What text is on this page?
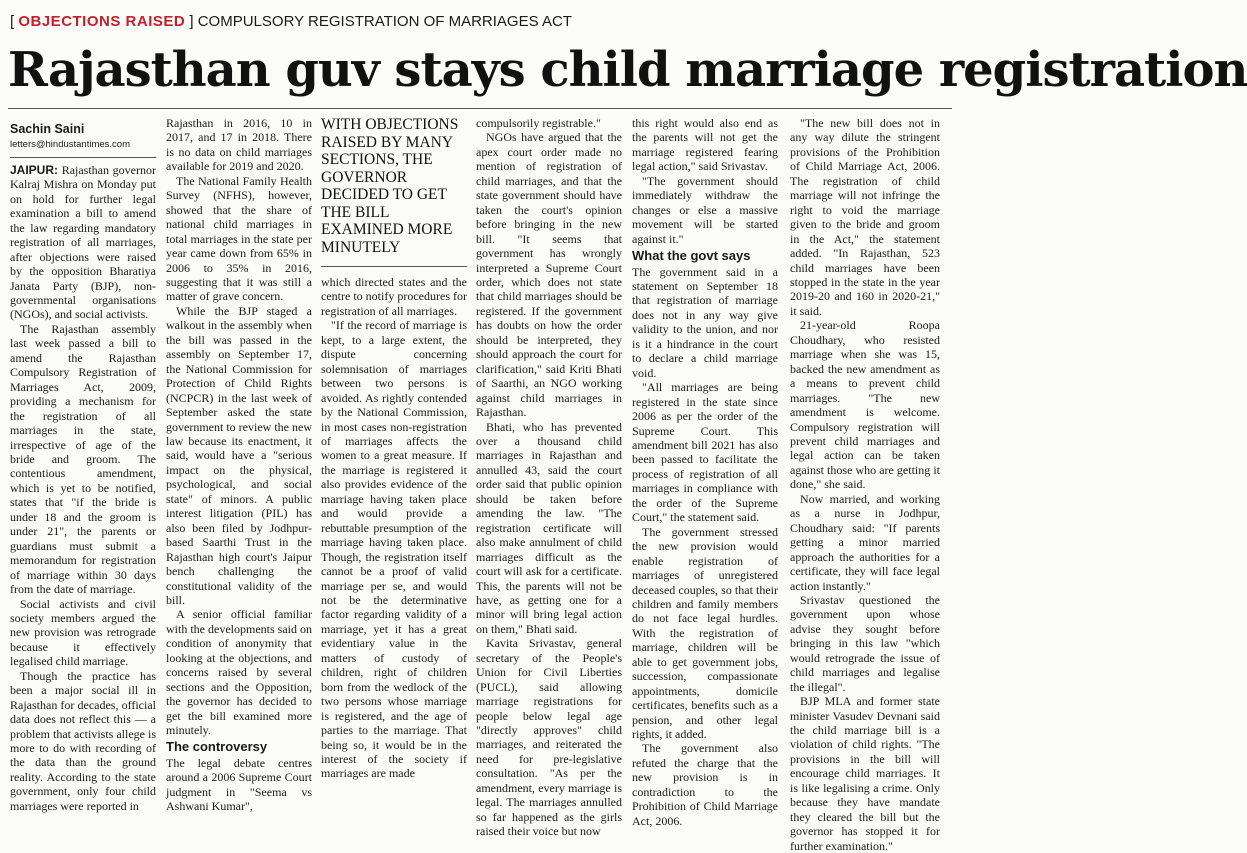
[ OBJECTIONS RAISED ] COMPULSORY REGISTRATION OF MARRIAGES ACT
Rajasthan guv stays child marriage registration
Sachin Saini
letters@hindustantimes.com

JAIPUR: Rajasthan governor Kalraj Mishra on Monday put on hold for further legal examination a bill to amend the law regarding mandatory registration of all marriages, after objections were raised by the opposition Bharatiya Janata Party (BJP), non-governmental organisations (NGOs), and social activists.

The Rajasthan assembly last week passed a bill to amend the Rajasthan Compulsory Registration of Marriages Act, 2009, providing a mechanism for the registration of all marriages in the state, irrespective of age of the bride and groom. The contentious amendment, which is yet to be notified, states that "if the bride is under 18 and the groom is under 21", the parents or guardians must submit a memorandum for registration of marriage within 30 days from the date of marriage.

Social activists and civil society members argued the new provision was retrograde because it effectively legalised child marriage.

Though the practice has been a major social ill in Rajasthan for decades, official data does not reflect this — a problem that activists allege is more to do with recording of the data than the ground reality. According to the state government, only four child marriages were reported in

Rajasthan in 2016, 10 in 2017, and 17 in 2018. There is no data on child marriages available for 2019 and 2020.

The National Family Health Survey (NFHS), however, showed that the share of national child marriages in total marriages in the state per year came down from 65% in 2006 to 35% in 2016, suggesting that it was still a matter of grave concern.

While the BJP staged a walkout in the assembly when the bill was passed in the assembly on September 17, the National Commission for Protection of Child Rights (NCPCR) in the last week of September asked the state government to review the new law because its enactment, it said, would have a "serious impact on the physical, psychological, and social state" of minors. A public interest litigation (PIL) has also been filed by Jodhpur-based Saarthi Trust in the Rajasthan high court's Jaipur bench challenging the constitutional validity of the bill.

A senior official familiar with the developments said on condition of anonymity that looking at the objections, and concerns raised by several sections and the Opposition, the governor has decided to get the bill examined more minutely.

The controversy

The legal debate centres around a 2006 Supreme Court judgment in "Seema vs Ashwani Kumar",

WITH OBJECTIONS RAISED BY MANY SECTIONS, THE GOVERNOR DECIDED TO GET THE BILL EXAMINED MORE MINUTELY

which directed states and the centre to notify procedures for registration of all marriages.

"If the record of marriage is kept, to a large extent, the dispute concerning solemnisation of marriages between two persons is avoided. As rightly contended by the National Commission, in most cases non-registration of marriages affects the women to a great measure. If the marriage is registered it also provides evidence of the marriage having taken place and would provide a rebuttable presumption of the marriage having taken place. Though, the registration itself cannot be a proof of valid marriage per se, and would not be the determinative factor regarding validity of a marriage, yet it has a great evidentiary value in the matters of custody of children, right of children born from the wedlock of the two persons whose marriage is registered, and the age of parties to the marriage. That being so, it would be in the interest of the society if marriages are made

compulsorily registrable."

NGOs have argued that the apex court order made no mention of registration of child marriages, and that the state government should have taken the court's opinion before bringing in the new bill. "It seems that government has wrongly interpreted a Supreme Court order, which does not state that child marriages should be registered. If the government has doubts on how the order should be interpreted, they should approach the court for clarification," said Kriti Bhati of Saarthi, an NGO working against child marriages in Rajasthan.

Bhati, who has prevented over a thousand child marriages in Rajasthan and annulled 43, said the court order said that public opinion should be taken before amending the law. "The registration certificate will also make annulment of child marriages difficult as the court will ask for a certificate. This, the parents will not be have, as getting one for a minor will bring legal action on them," Bhati said.

Kavita Srivastav, general secretary of the People's Union for Civil Liberties (PUCL), said allowing marriage registrations for people below legal age "directly approves" child marriages, and reiterated the need for pre-legislative consultation. "As per the amendment, every marriage is legal. The marriages annulled so far happened as the girls raised their voice but now

this right would also end as the parents will not get the marriage registered fearing legal action," said Srivastav.

"The government should immediately withdraw the changes or else a massive movement will be started against it."

What the govt says

The government said in a statement on September 18 that registration of marriage does not in any way give validity to the union, and nor is it a hindrance in the court to declare a child marriage void.

"All marriages are being registered in the state since 2006 as per the order of the Supreme Court. This amendment bill 2021 has also been passed to facilitate the process of registration of all marriages in compliance with the order of the Supreme Court," the statement said.

The government stressed the new provision would enable registration of marriages of unregistered deceased couples, so that their children and family members do not face legal hurdles. With the registration of marriage, children will be able to get government jobs, succession, compassionate appointments, domicile certificates, benefits such as a pension, and other legal rights, it added.

The government also refuted the charge that the new provision is in contradiction to the Prohibition of Child Marriage Act, 2006.

"The new bill does not in any way dilute the stringent provisions of the Prohibition of Child Marriage Act, 2006. The registration of child marriage will not infringe the right to void the marriage given to the bride and groom in the Act," the statement added. "In Rajasthan, 523 child marriages have been stopped in the state in the year 2019-20 and 160 in 2020-21," it said.

21-year-old Roopa Choudhary, who resisted marriage when she was 15, backed the new amendment as a means to prevent child marriages. "The new amendment is welcome. Compulsory registration will prevent child marriages and legal action can be taken against those who are getting it done," she said.

Now married, and working as a nurse in Jodhpur, Choudhary said: "If parents getting a minor married approach the authorities for a certificate, they will face legal action instantly."

Srivastav questioned the government upon whose advise they sought before bringing in this law "which would retrograde the issue of child marriages and legalise the illegal".

BJP MLA and former state minister Vasudev Devnani said the child marriage bill is a violation of child rights. "The provisions in the bill will encourage child marriages. It is like legalising a crime. Only because they have mandate they cleared the bill but the governor has stopped it for further examination."
